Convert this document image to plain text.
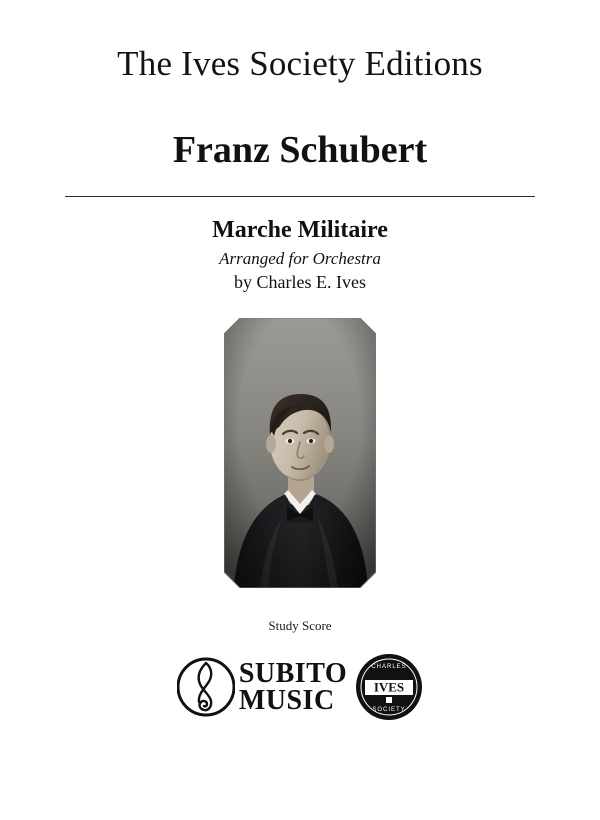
The Ives Society Editions
Franz Schubert
Marche Militaire
Arranged for Orchestra
by Charles E. Ives
Study Score
SUBITO
MUSIC	IVES
CHARLES
SOCIETY
